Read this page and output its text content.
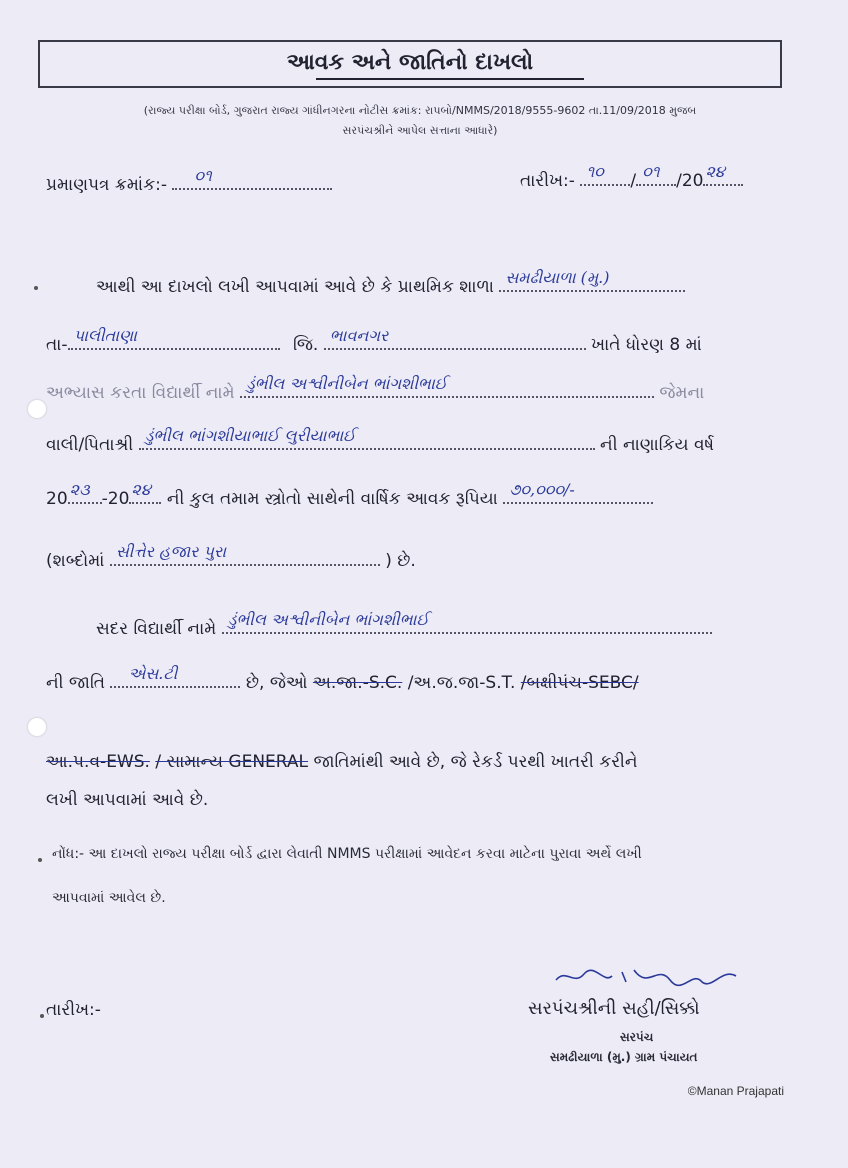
આવક અને જાતિનો દાખલો
(રાજ્ય પરીક્ષા બોર્ડ, ગુજરાત રાજ્ય ગાંધીનગરના નોટીસ ક્રમાંક: રાપબો/NMMS/2018/9555-9602 તા.11/09/2018 મુજબ
સરપંચશ્રીને આપેલ સત્તાના આધારે)
પ્રમાણપત્ર ક્રમાંક:- ૦૧	તારીખ:- ૧૦ / ૦૧ /20 ૨૪
આથી આ દાખલો લખી આપવામાં આવે છે કે પ્રાથમિક શાળા સમઢીયાળા (મુ.)
તા- પાલીતાણા	જિ. ભાવનગર	ખાતે ધોરણ 8 માં
અભ્યાસ કરતા વિદ્યાર્થી નામે ડુંભીલ અશ્વીનીબેન ભાંગશીભાઈ	જેમના
વાલી/પિતાશ્રી ડુંભીલ ભાંગશીયાભાઈ લુરીયાભાઈ	ની નાણાકિય વર્ષ
20 ૨૩ -20 ૨૪ ની કુલ તમામ સ્ત્રોતો સાથેની વાર્ષિક આવક રૂપિયા ૭૦,૦૦૦/-
(શબ્દોમાં સીત્તેર હજાર પુરા	) છે.
સદર વિદ્યાર્થી નામે ડુંભીલ અશ્વીનીબેન ભાંગશીભાઈ
ની જાતિ એસ.ટી	છે, જેઓ અ.જા.-S.C. /અ.જ.જા-S.T. /બક્ષીપંચ-SEBC/
આ.પ.વ-EWS. / સામાન્ય GENERAL જાતિમાંથી આવે છે, જે રેકર્ડ પરથી ખાતરી કરીને
લખી આપવામાં આવે છે.
નોંધ:- આ દાખલો રાજ્ય પરીક્ષા બોર્ડ દ્વારા લેવાતી NMMS પરીક્ષામાં આવેદન કરવા માટેના પુરાવા અર્થે લખી
આપવામાં આવેલ છે.
તારીખ:-	સરપંચશ્રીની સહી/સિક્કો
સરપંચ
સમઢીયાળા (મુ.) ગ્રામ પંચાયત
©Manan Prajapati
